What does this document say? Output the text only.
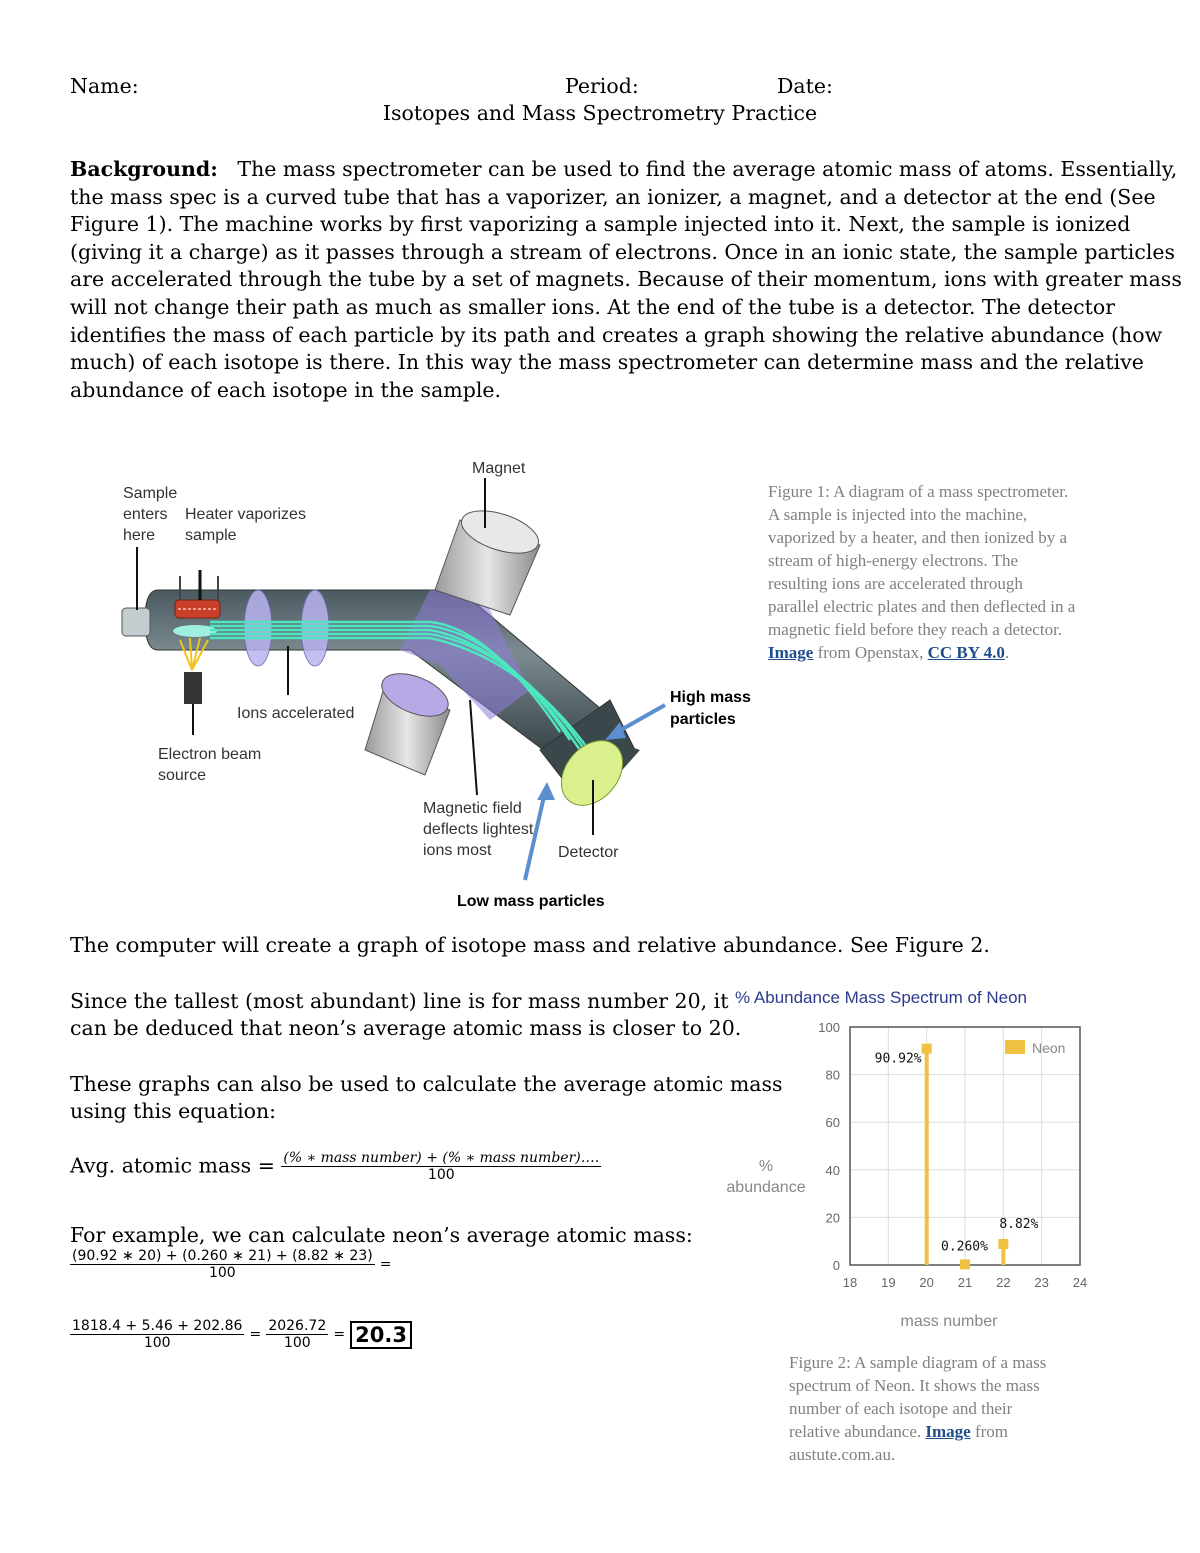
Name:	Period:	Date:
Isotopes and Mass Spectrometry Practice
Background: The mass spectrometer can be used to find the average atomic mass of atoms. Essentially,
the mass spec is a curved tube that has a vaporizer, an ionizer, a magnet, and a detector at the end (See
Figure 1). The machine works by first vaporizing a sample injected into it. Next, the sample is ionized
(giving it a charge) as it passes through a stream of electrons. Once in an ionic state, the sample particles
are accelerated through the tube by a set of magnets. Because of their momentum, ions with greater mass
will not change their path as much as smaller ions. At the end of the tube is a detector. The detector
identifies the mass of each particle by its path and creates a graph showing the relative abundance (how
much) of each isotope is there. In this way the mass spectrometer can determine mass and the relative
abundance of each isotope in the sample.
Magnet
Sample
enters
here
Heater vaporizes
sample
Ions accelerated
Electron beam
source
Magnetic field
deflects lightest
ions most	Detector
High mass
particles
Low mass particles
Figure 1: A diagram of a mass spectrometer.
A sample is injected into the machine,
vaporized by a heater, and then ionized by a
stream of high-energy electrons. The
resulting ions are accelerated through
parallel electric plates and then deflected in a
magnetic field before they reach a detector.
Image from Openstax, CC BY 4.0.
The computer will create a graph of isotope mass and relative abundance. See Figure 2.
Since the tallest (most abundant) line is for mass number 20, it
can be deduced that neon’s average atomic mass is closer to 20.
These graphs can also be used to calculate the average atomic mass
using this equation:
Avg. atomic mass = $\frac{\text{(\% ∗ mass number) + (\% ∗ mass number)….}}{100}$
For example, we can calculate neon’s average atomic mass:
$\frac{(90.92 ∗ 20) + (0.260 ∗ 21) + (8.82 ∗ 23)}{100}$ =
$\frac{1818.4 + 5.46 + 202.86}{100} = \frac{2026.72}{100} = 20.3$
% Abundance Mass Spectrum of Neon
0
20
40
60
80
100
18 19 20 21 22 23 24
90.92%
0.260%
8.82%
Neon
%
abundance
mass number
Figure 2: A sample diagram of a mass
spectrum of Neon. It shows the mass
number of each isotope and their
relative abundance. Image from
austute.com.au.
